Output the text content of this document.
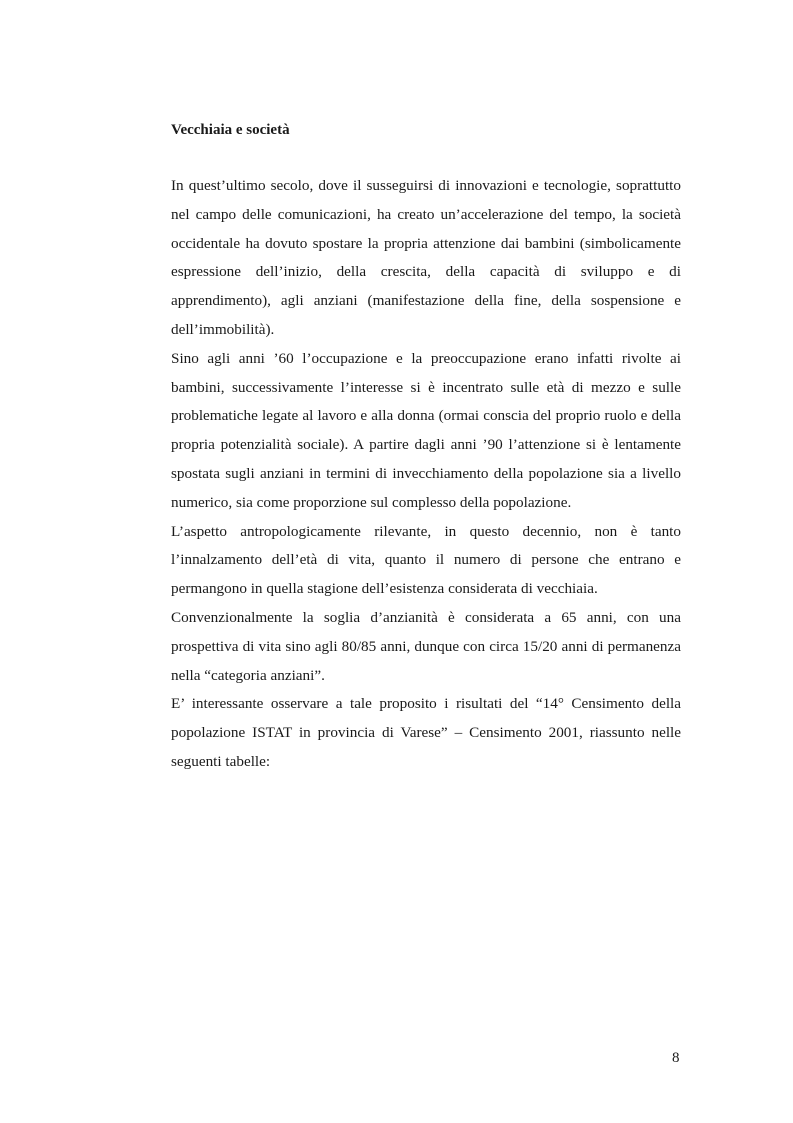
Vecchiaia e società

In quest’ultimo secolo, dove il susseguirsi di innovazioni e tecnologie, soprattutto nel campo delle comunicazioni, ha creato un’accelerazione del tempo, la società occidentale ha dovuto spostare la propria attenzione dai bambini (simbolicamente espressione dell’inizio, della crescita, della capacità di sviluppo e di apprendimento), agli anziani (manifestazione della fine, della sospensione e dell’immobilità).

Sino agli anni ’60 l’occupazione e la preoccupazione erano infatti rivolte ai bambini, successivamente l’interesse si è incentrato sulle età di mezzo e sulle problematiche legate al lavoro e alla donna (ormai conscia del proprio ruolo e della propria potenzialità sociale). A partire dagli anni ’90 l’attenzione si è lentamente spostata sugli anziani in termini di invecchiamento della popolazione sia a livello numerico, sia come proporzione sul complesso della popolazione.

L’aspetto antropologicamente rilevante, in questo decennio, non è tanto l’innalzamento dell’età di vita, quanto il numero di persone che entrano e permangono in quella stagione dell’esistenza considerata di vecchiaia.

Convenzionalmente la soglia d’anzianità è considerata a 65 anni, con una prospettiva di vita sino agli 80/85 anni, dunque con circa 15/20 anni di permanenza nella “categoria anziani”.

E’ interessante osservare a tale proposito i risultati del “14° Censimento della popolazione ISTAT in provincia di Varese” – Censimento 2001, riassunto nelle seguenti tabelle:

8
